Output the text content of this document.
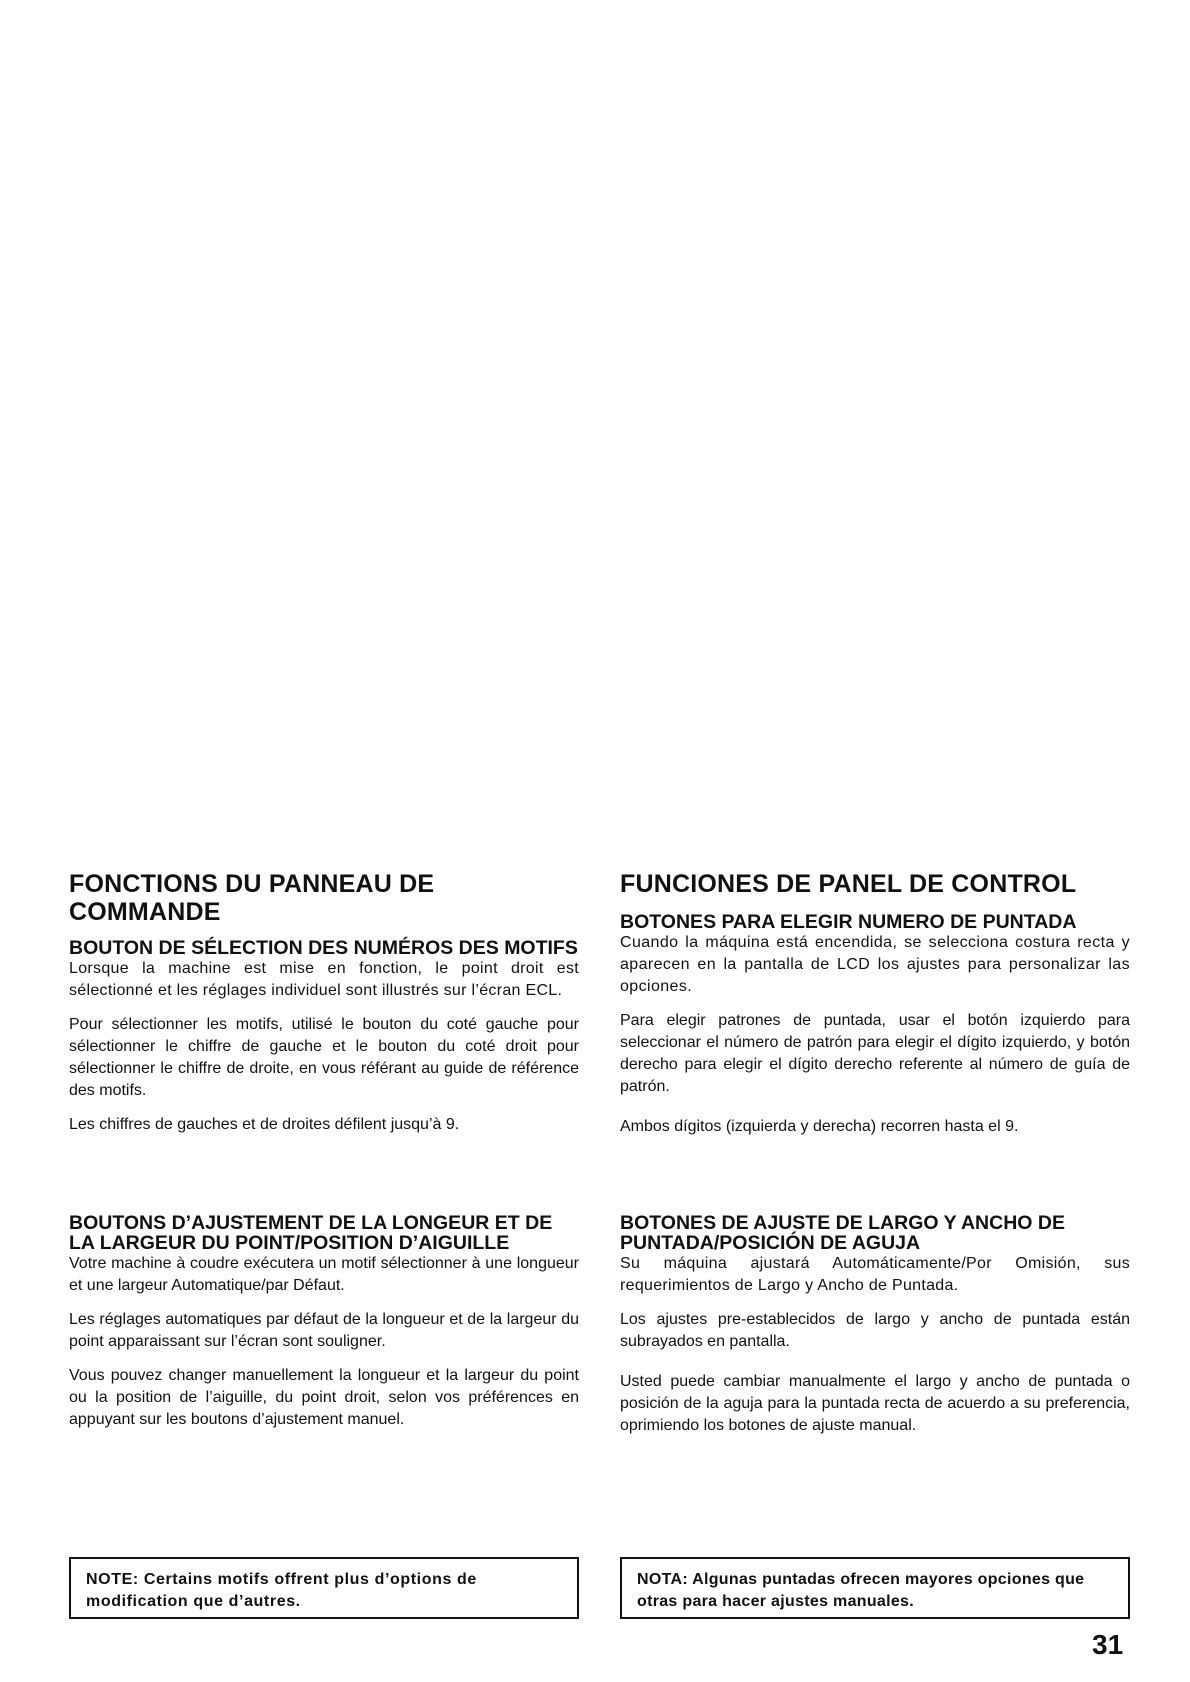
FONCTIONS DU PANNEAU DE COMMANDE
BOUTON DE SÉLECTION DES NUMÉROS DES MOTIFS

Lorsque la machine est mise en fonction, le point droit est sélectionné et les réglages individuel sont illustrés sur l’écran ECL.

Pour sélectionner les motifs, utilisé le bouton du coté gauche pour sélectionner le chiffre de gauche et le bouton du coté droit pour sélectionner le chiffre de droite, en vous référant au guide de référence des motifs.

Les chiffres de gauches et de droites défilent jusqu’à 9.

FUNCIONES DE PANEL DE CONTROL
BOTONES PARA ELEGIR NUMERO DE PUNTADA

Cuando la máquina está encendida, se selecciona costura recta y aparecen en la pantalla de LCD los ajustes para personalizar las opciones.

Para elegir patrones de puntada, usar el botón izquierdo para seleccionar el número de patrón para elegir el dígito izquierdo, y botón derecho para elegir el dígito derecho referente al número de guía de patrón.

Ambos dígitos (izquierda y derecha) recorren hasta el 9.

BOUTONS D’AJUSTEMENT DE LA LONGEUR ET DE LA LARGEUR DU POINT/POSITION D’AIGUILLE

Votre machine à coudre exécutera un motif sélectionner à une longueur et une largeur Automatique/par Défaut.

Les réglages automatiques par défaut de la longueur et de la largeur du point apparaissant sur l’écran sont souligner.

Vous pouvez changer manuellement la longueur et la largeur du point ou la position de l’aiguille, du point droit, selon vos préférences en appuyant sur les boutons d’ajustement manuel.

BOTONES DE AJUSTE DE LARGO Y ANCHO DE PUNTADA/POSICIÓN DE AGUJA

Su máquina ajustará Automáticamente/Por Omisión, sus requerimientos de Largo y Ancho de Puntada.

Los ajustes pre-establecidos de largo y ancho de puntada están subrayados en pantalla.

Usted puede cambiar manualmente el largo y ancho de puntada o posición de la aguja para la puntada recta de acuerdo a su preferencia, oprimiendo los botones de ajuste manual.

NOTE: Certains motifs offrent plus d’options de modification que d’autres.
NOTA: Algunas puntadas ofrecen mayores opciones que otras para hacer ajustes manuales.
31
